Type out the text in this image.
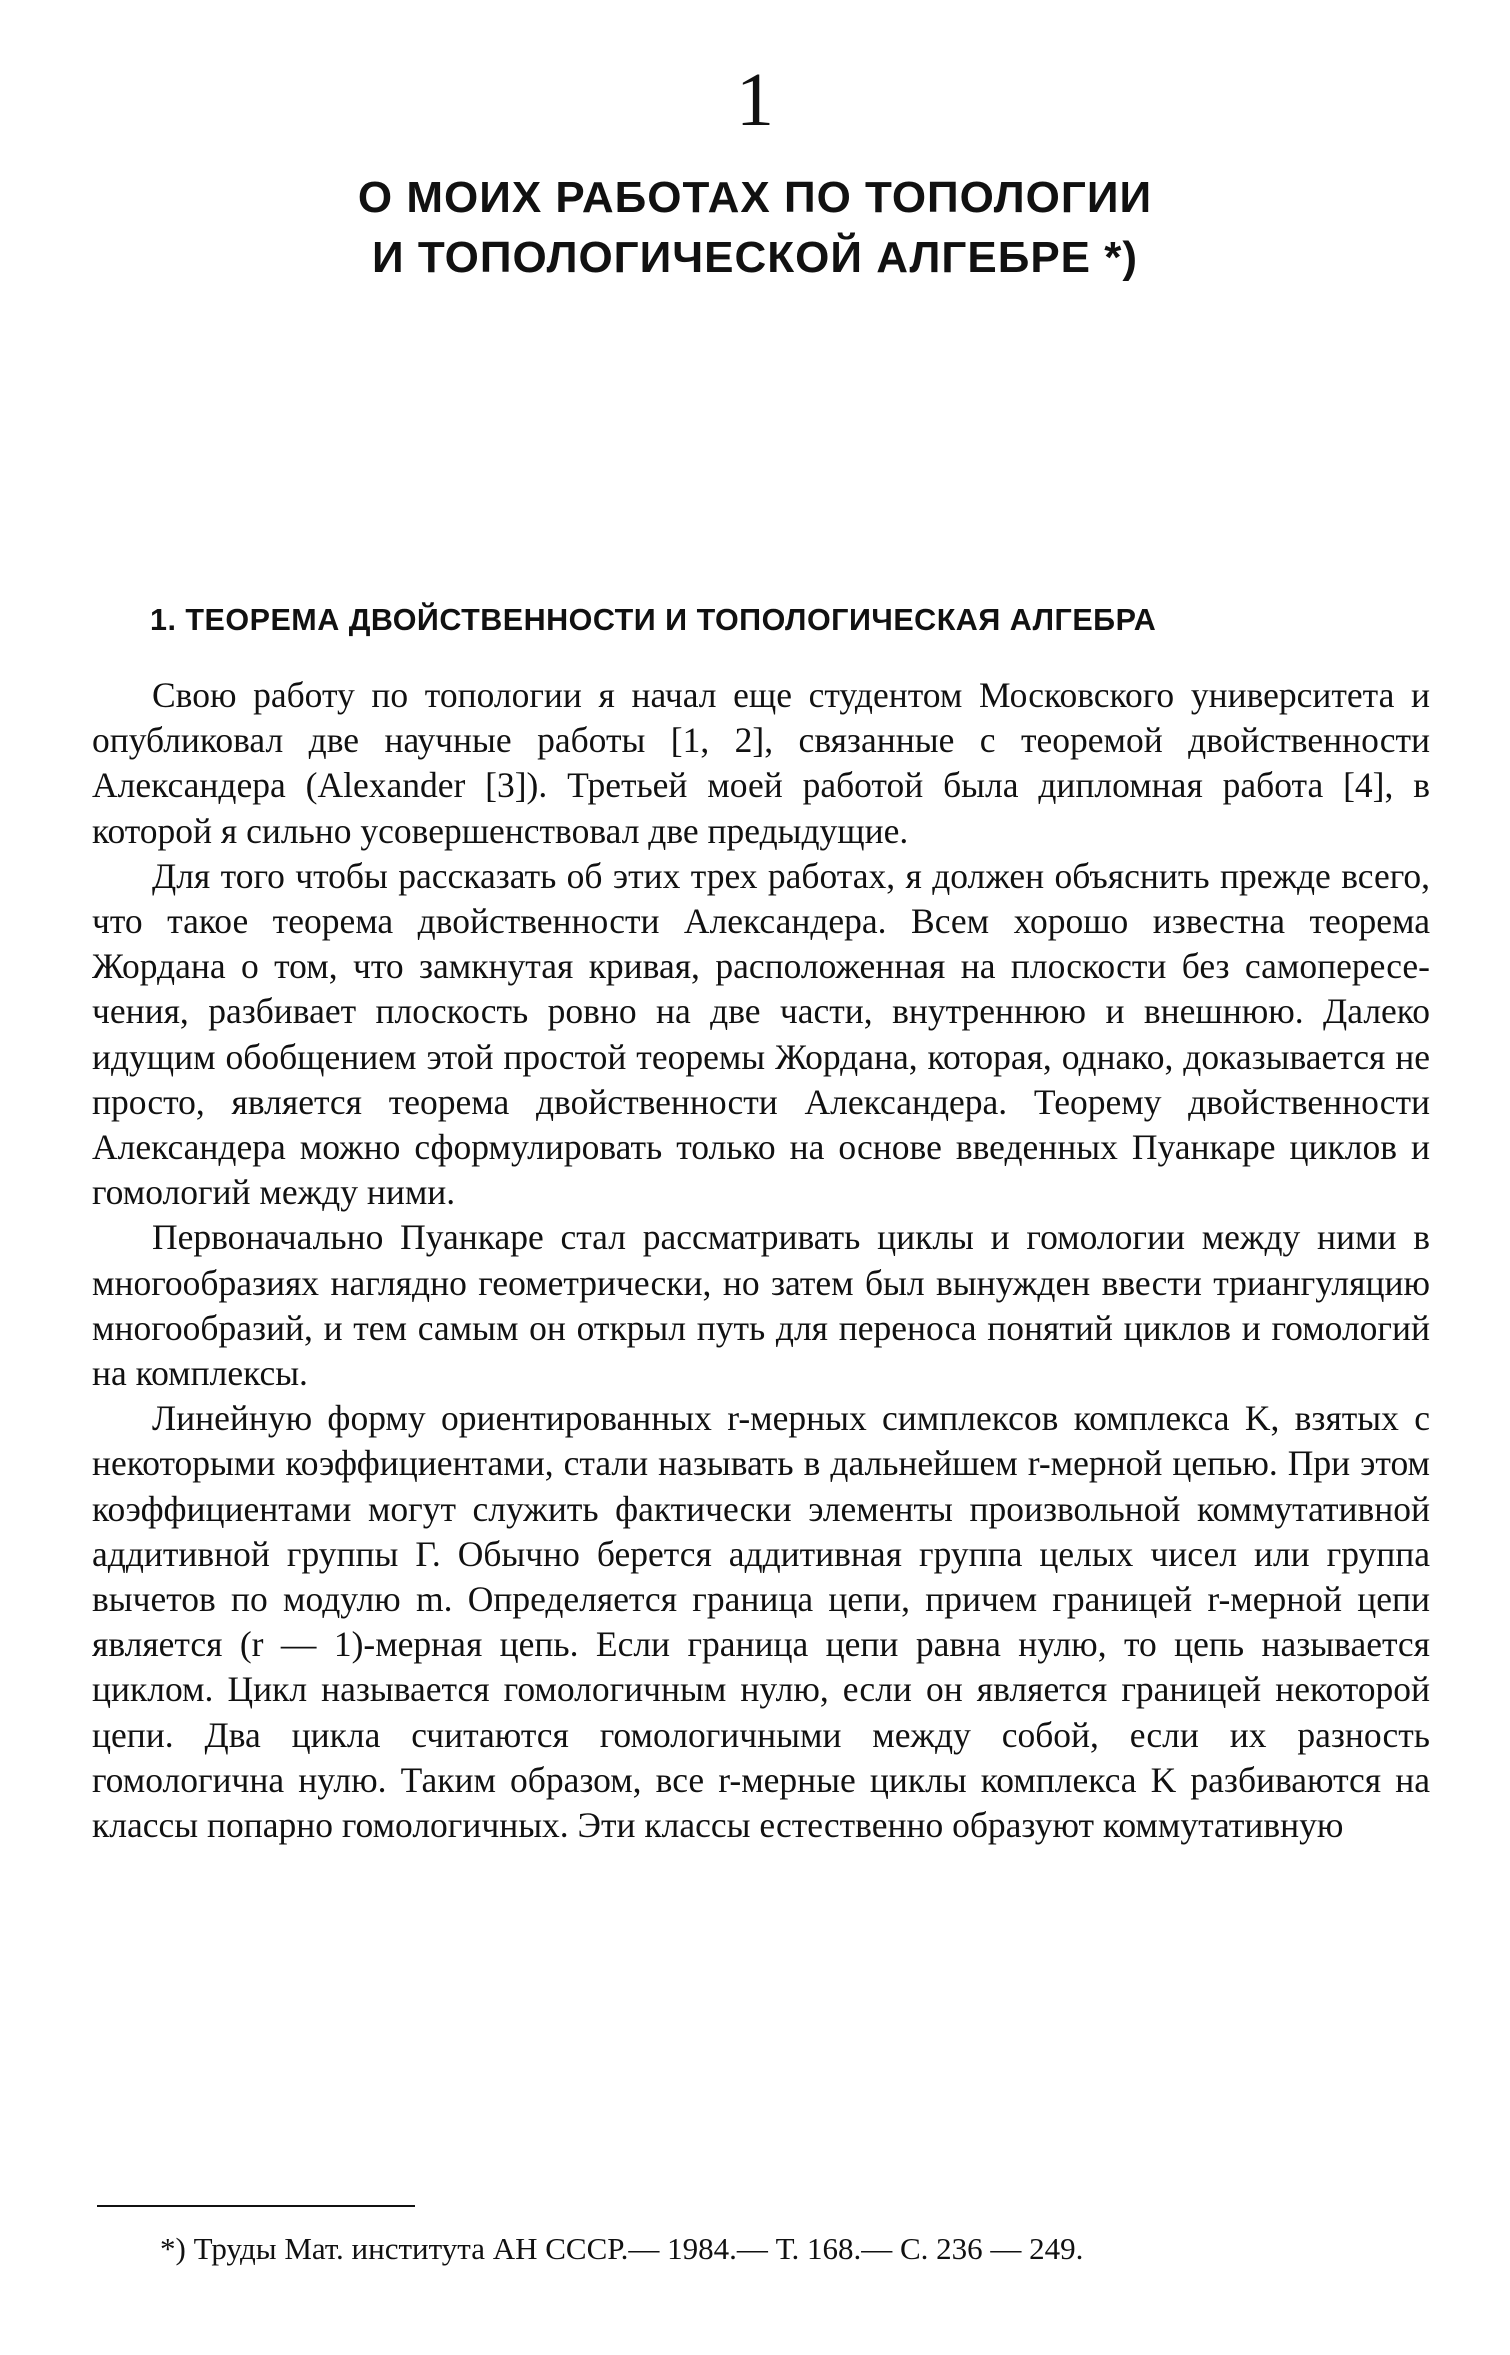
1
О МОИХ РАБОТАХ ПО ТОПОЛОГИИ
И ТОПОЛОГИЧЕСКОЙ АЛГЕБРЕ *)
1. ТЕОРЕМА ДВОЙСТВЕННОСТИ И ТОПОЛОГИЧЕСКАЯ АЛГЕБРА

Свою работу по топологии я начал еще студентом Московского университета и опубликовал две научные работы [1, 2], связанные с теоремой двойственности Александера (Alexander [3]). Третьей моей работой была дипломная работа [4], в которой я сильно усовершенствовал две предыдущие.

Для того чтобы рассказать об этих трех работах, я должен объяснить прежде всего, что такое теорема двойственности Александера. Всем хорошо известна теорема Жордана о том, что замкнутая кривая, расположенная на плоскости без самопересечения, разбивает плоскость ровно на две части, внутреннюю и внешнюю. Далеко идущим обобщением этой простой теоремы Жордана, которая, однако, доказывается не просто, является теорема двойственности Александера. Теорему двойственности Александера можно сформулировать только на основе введенных Пуанкаре циклов и гомологий между ними.

Первоначально Пуанкаре стал рассматривать циклы и гомологии между ними в многообразиях наглядно геометрически, но затем был вынужден ввести триангуляцию многообразий, и тем самым он открыл путь для переноса понятий циклов и гомологий на комплексы.

Линейную форму ориентированных r-мерных симплексов комплекса K, взятых с некоторыми коэффициентами, стали называть в дальнейшем r-мерной цепью. При этом коэффициентами могут служить фактически элементы произвольной коммутативной аддитивной группы Г. Обычно берется аддитивная группа целых чисел или группа вычетов по модулю m. Определяется граница цепи, причем границей r-мерной цепи является (r — 1)-мерная цепь. Если граница цепи равна нулю, то цепь называется циклом. Цикл называется гомологичным нулю, если он является границей некоторой цепи. Два цикла считаются гомологичными между собой, если их разность гомологична нулю. Таким образом, все r-мерные циклы комплекса K разбиваются на классы попарно гомологичных. Эти классы естественно образуют коммутативную

*) Труды Мат. института АН СССР.— 1984.— Т. 168.— С. 236 — 249.
